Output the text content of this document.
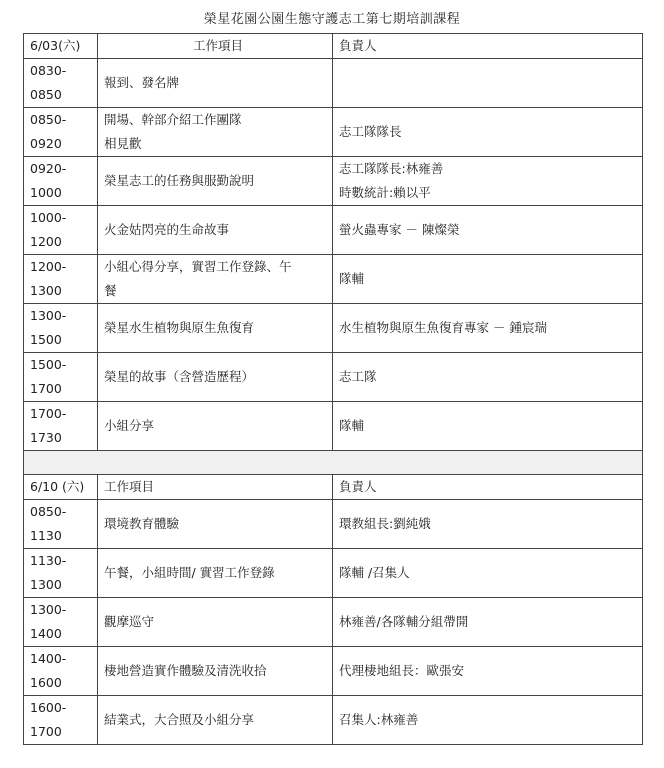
榮星花園公園生態守護志工第七期培訓課程
6/03(六)	工作項目	負責人

0830-
0850	報到、發名牌	

0850-
0920	開場、幹部介紹工作團隊
相見歡	志工隊隊長

0920-
1000	榮星志工的任務與服勤說明	志工隊隊長:林雍善
時數統計:賴以平

1000-
1200	火金姑閃亮的生命故事	螢火蟲專家 － 陳燦榮

1200-
1300	小組心得分享，實習工作登錄、午
餐	隊輔

1300-
1500	榮星水生植物與原生魚復育	水生植物與原生魚復育專家 － 鍾宸瑞

1500-
1700	榮星的故事（含營造歷程）	志工隊

1700-
1730	小組分享	隊輔

6/10 (六)	工作項目	負責人

0850-
1130	環境教育體驗	環教組長:劉純娥

1130-
1300	午餐，小組時間/ 實習工作登錄	隊輔 /召集人

1300-
1400	觀摩巡守	林雍善/各隊輔分組帶開

1400-
1600	棲地營造實作體驗及清洗收拾	代理棲地組長：歐張安

1600-
1700	結業式，大合照及小組分享	召集人:林雍善
